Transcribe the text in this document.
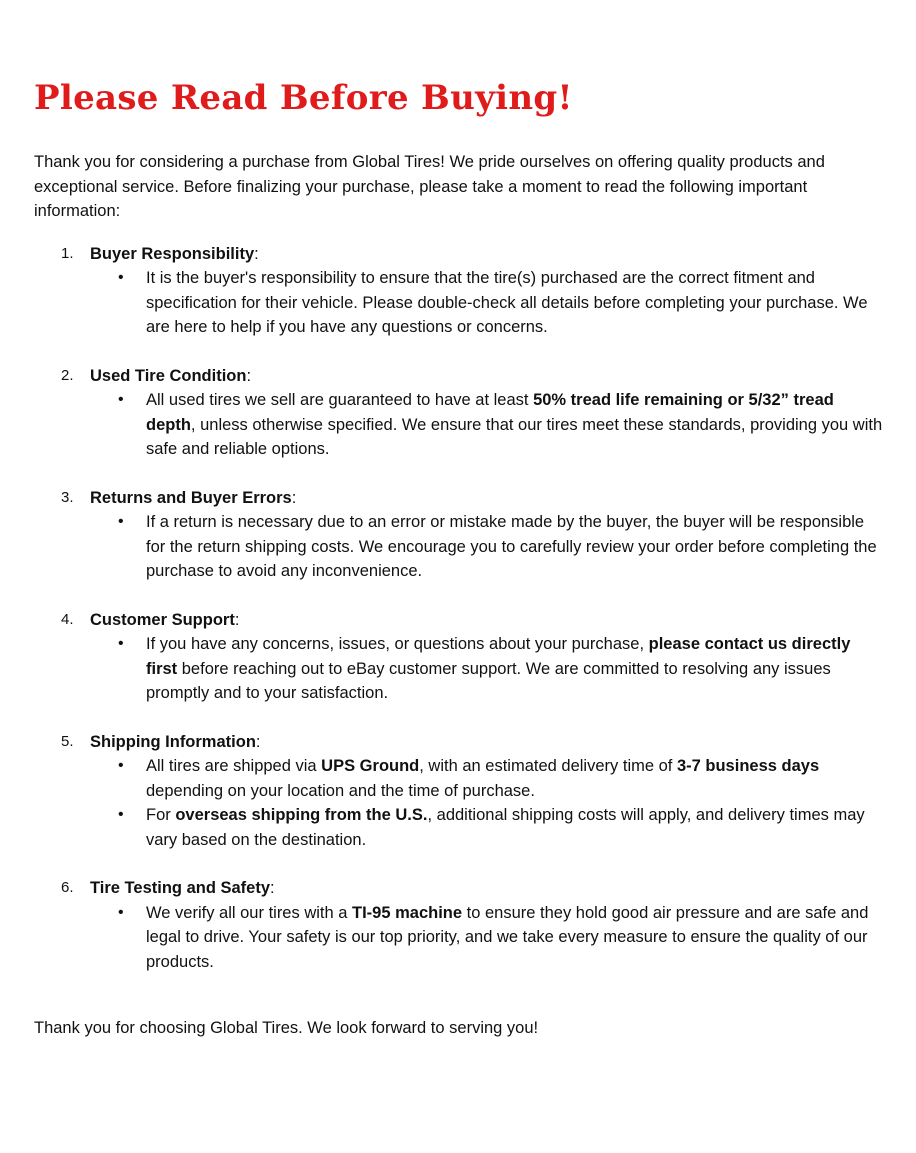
Please Read Before Buying!

Thank you for considering a purchase from Global Tires! We pride ourselves on offering quality products and exceptional service. Before finalizing your purchase, please take a moment to read the following important information:

1. Buyer Responsibility:
• It is the buyer's responsibility to ensure that the tire(s) purchased are the correct fitment and specification for their vehicle. Please double-check all details before completing your purchase. We are here to help if you have any questions or concerns.
2. Used Tire Condition:
• All used tires we sell are guaranteed to have at least 50% tread life remaining or 5/32” tread depth, unless otherwise specified. We ensure that our tires meet these standards, providing you with safe and reliable options.
3. Returns and Buyer Errors:
• If a return is necessary due to an error or mistake made by the buyer, the buyer will be responsible for the return shipping costs. We encourage you to carefully review your order before completing the purchase to avoid any inconvenience.
4. Customer Support:
• If you have any concerns, issues, or questions about your purchase, please contact us directly first before reaching out to eBay customer support. We are committed to resolving any issues promptly and to your satisfaction.
5. Shipping Information:
• All tires are shipped via UPS Ground, with an estimated delivery time of 3-7 business days depending on your location and the time of purchase.
• For overseas shipping from the U.S., additional shipping costs will apply, and delivery times may vary based on the destination.
6. Tire Testing and Safety:
• We verify all our tires with a TI-95 machine to ensure they hold good air pressure and are safe and legal to drive. Your safety is our top priority, and we take every measure to ensure the quality of our products.

Thank you for choosing Global Tires. We look forward to serving you!
